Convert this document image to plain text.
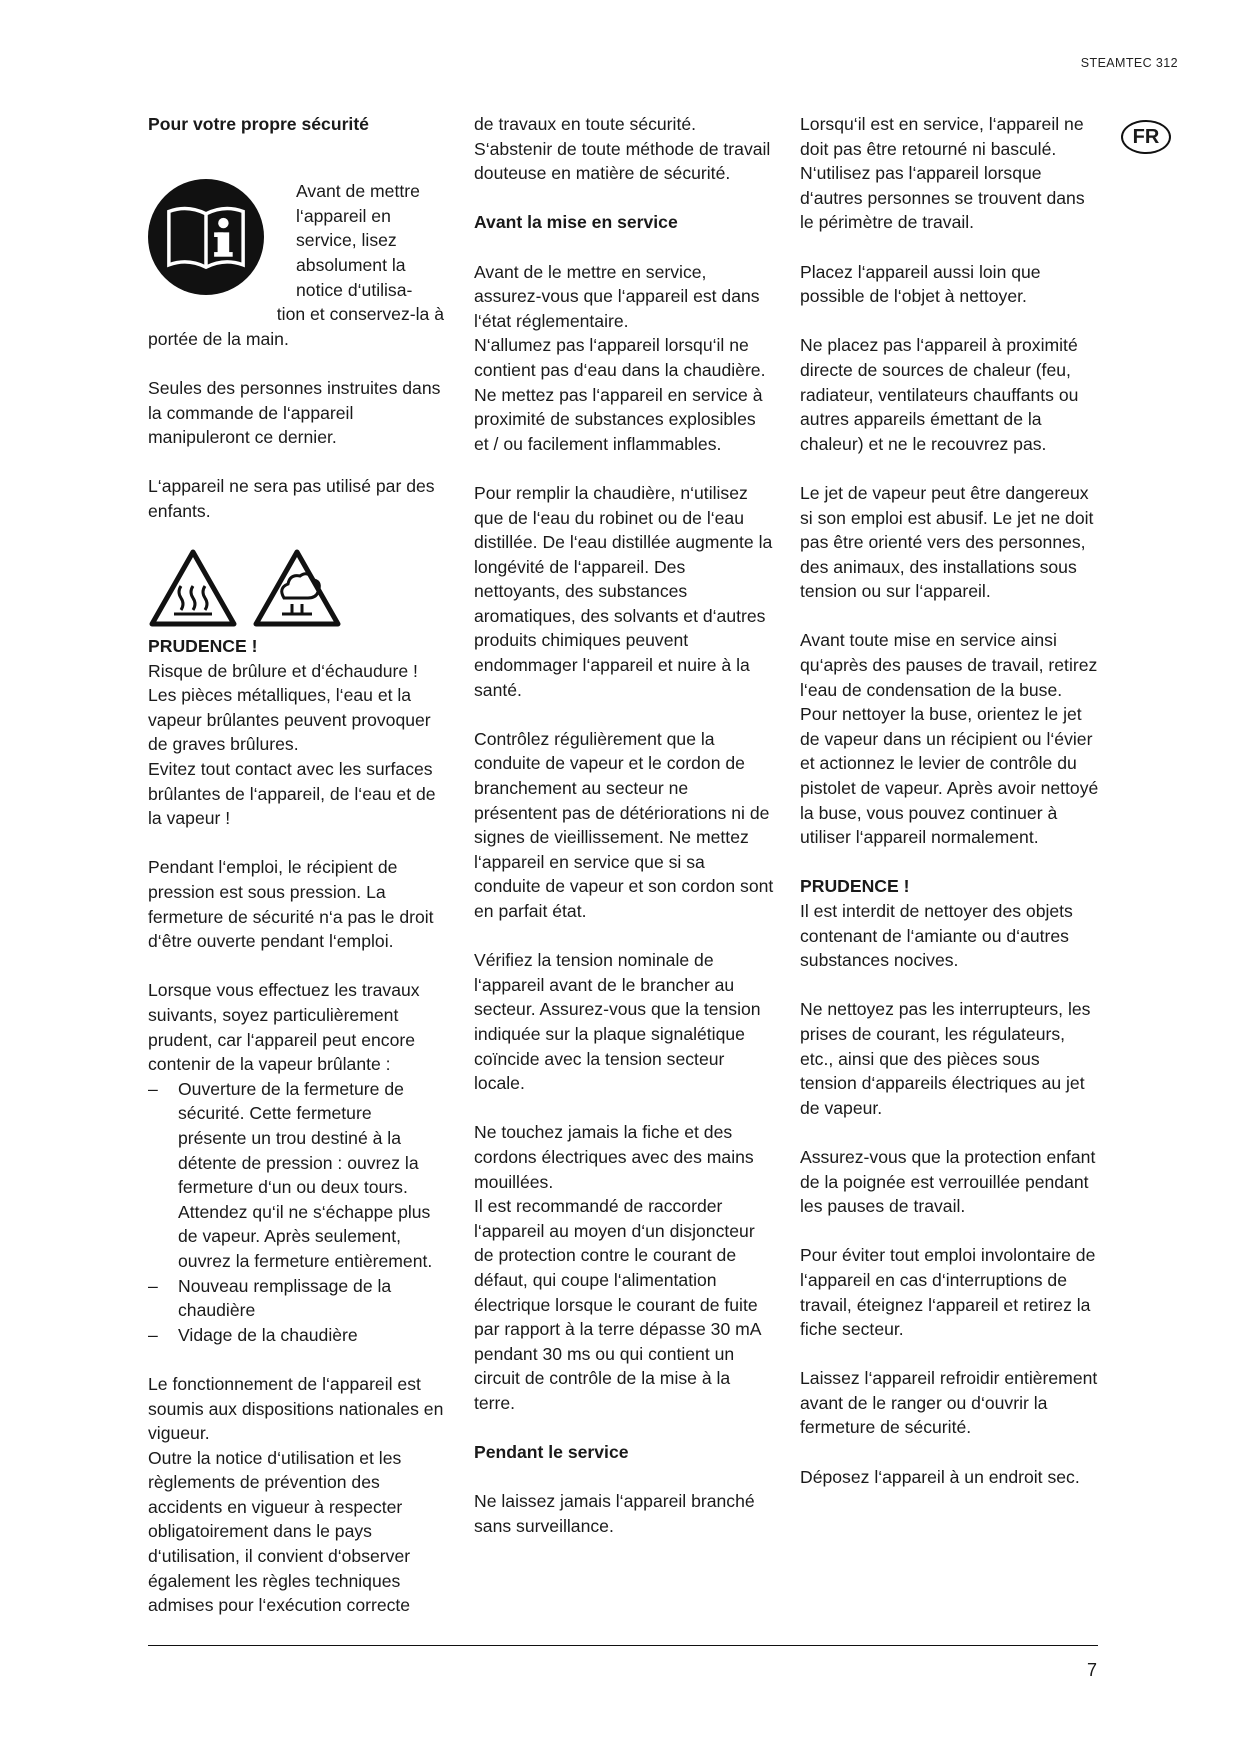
STEAMTEC 312
FR
Pour votre propre sécurité
Avant de mettre
l‘appareil en
service, lisez
absolument la
notice d‘utilisa-
tion et conservez-la à
portée de la main.

Seules des personnes instruites dans la commande de l‘appareil manipuleront ce dernier.

L‘appareil ne sera pas utilisé par des enfants.

PRUDENCE !
Risque de brûlure et d‘échaudure ! Les pièces métalliques, l‘eau et la vapeur brûlantes peuvent provoquer de graves brûlures.
Evitez tout contact avec les surfaces brûlantes de l‘appareil, de l‘eau et de la vapeur !

Pendant l‘emploi, le récipient de pression est sous pression. La fermeture de sécurité n‘a pas le droit d‘être ouverte pendant l‘emploi.

Lorsque vous effectuez les travaux suivants, soyez particulièrement prudent, car l‘appareil peut encore contenir de la vapeur brûlante :
– Ouverture de la fermeture de sécurité. Cette fermeture présente un trou destiné à la détente de pression : ouvrez la fermeture d‘un ou deux tours. Attendez qu‘il ne s‘échappe plus de vapeur. Après seulement, ouvrez la fermeture entièrement.
– Nouveau remplissage de la chaudière
– Vidage de la chaudière

Le fonctionnement de l‘appareil est soumis aux dispositions nationales en vigueur.
Outre la notice d‘utilisation et les règlements de prévention des accidents en vigueur à respecter obligatoirement dans le pays d‘utilisation, il convient d‘observer également les règles techniques admises pour l‘exécution correcte

de travaux en toute sécurité. S‘abstenir de toute méthode de travail douteuse en matière de sécurité.

Avant la mise en service

Avant de le mettre en service, assurez-vous que l‘appareil est dans l‘état réglementaire.
N‘allumez pas l‘appareil lorsqu‘il ne contient pas d‘eau dans la chaudière.
Ne mettez pas l‘appareil en service à proximité de substances explosibles et / ou facilement inflammables.

Pour remplir la chaudière, n‘utilisez que de l‘eau du robinet ou de l‘eau distillée. De l‘eau distillée augmente la longévité de l‘appareil. Des nettoyants, des substances aromatiques, des solvants et d‘autres produits chimiques peuvent endommager l‘appareil et nuire à la santé.

Contrôlez régulièrement que la conduite de vapeur et le cordon de branchement au secteur ne présentent pas de détériorations ni de signes de vieillissement. Ne mettez l‘appareil en service que si sa conduite de vapeur et son cordon sont en parfait état.

Vérifiez la tension nominale de l‘appareil avant de le brancher au secteur. Assurez-vous que la tension indiquée sur la plaque signalétique coïncide avec la tension secteur locale.

Ne touchez jamais la fiche et des cordons électriques avec des mains mouillées.
Il est recommandé de raccorder l‘appareil au moyen d‘un disjoncteur de protection contre le courant de défaut, qui coupe l‘alimentation électrique lorsque le courant de fuite par rapport à la terre dépasse 30 mA pendant 30 ms ou qui contient un circuit de contrôle de la mise à la terre.

Pendant le service

Ne laissez jamais l‘appareil branché sans surveillance.

Lorsqu‘il est en service, l‘appareil ne doit pas être retourné ni basculé.
N‘utilisez pas l‘appareil lorsque d‘autres personnes se trouvent dans le périmètre de travail.

Placez l‘appareil aussi loin que possible de l‘objet à nettoyer.

Ne placez pas l‘appareil à proximité directe de sources de chaleur (feu, radiateur, ventilateurs chauffants ou autres appareils émettant de la chaleur) et ne le recouvrez pas.

Le jet de vapeur peut être dangereux si son emploi est abusif. Le jet ne doit pas être orienté vers des personnes, des animaux, des installations sous tension ou sur l‘appareil.

Avant toute mise en service ainsi qu‘après des pauses de travail, retirez l‘eau de condensation de la buse. Pour nettoyer la buse, orientez le jet de vapeur dans un récipient ou l‘évier et actionnez le levier de contrôle du pistolet de vapeur. Après avoir nettoyé la buse, vous pouvez continuer à utiliser l‘appareil normalement.

PRUDENCE !
Il est interdit de nettoyer des objets contenant de l‘amiante ou d‘autres substances nocives.

Ne nettoyez pas les interrupteurs, les prises de courant, les régulateurs, etc., ainsi que des pièces sous tension d‘appareils électriques au jet de vapeur.

Assurez-vous que la protection enfant de la poignée est verrouillée pendant les pauses de travail.

Pour éviter tout emploi involontaire de l‘appareil en cas d‘interruptions de travail, éteignez l‘appareil et retirez la fiche secteur.

Laissez l‘appareil refroidir entièrement avant de le ranger ou d‘ouvrir la fermeture de sécurité.

Déposez l‘appareil à un endroit sec.

7
